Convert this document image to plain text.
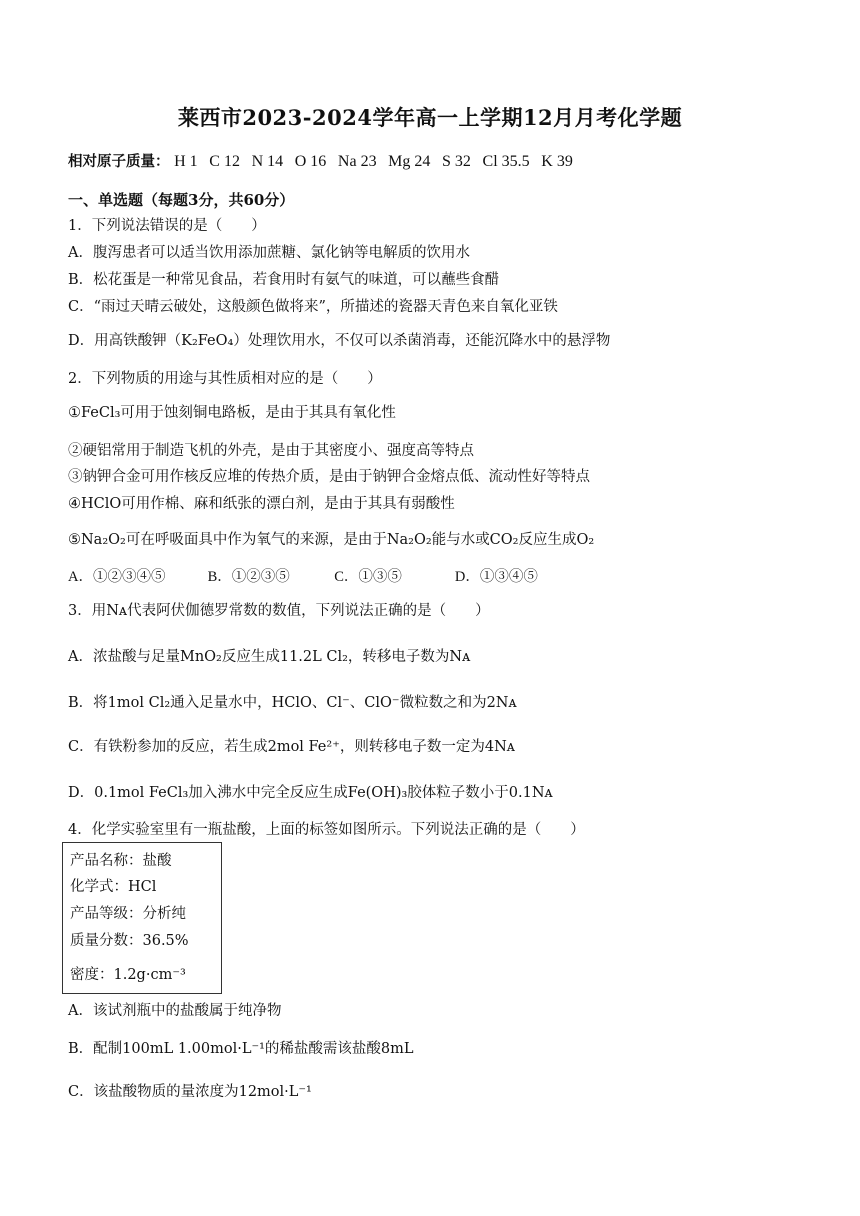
莱西市2023-2024学年高一上学期12月月考化学题
相对原子质量： H 1 C 12 N 14 O 16 Na 23 Mg 24 S 32 Cl 35.5 K 39
一、单选题（每题3分，共60分）
1．下列说法错误的是（　　）
A．腹泻患者可以适当饮用添加蔗糖、氯化钠等电解质的饮用水
B．松花蛋是一种常见食品，若食用时有氨气的味道，可以蘸些食醋
C．“雨过天晴云破处，这般颜色做将来”，所描述的瓷器天青色来自氧化亚铁
D．用高铁酸钾（K₂FeO₄）处理饮用水，不仅可以杀菌消毒，还能沉降水中的悬浮物
2．下列物质的用途与其性质相对应的是（　　）
①FeCl₃可用于蚀刻铜电路板，是由于其具有氧化性
②硬铝常用于制造飞机的外壳，是由于其密度小、强度高等特点
③钠钾合金可用作核反应堆的传热介质，是由于钠钾合金熔点低、流动性好等特点
④HClO可用作棉、麻和纸张的漂白剂，是由于其具有弱酸性
⑤Na₂O₂可在呼吸面具中作为氧气的来源，是由于Na₂O₂能与水或CO₂反应生成O₂
A．①②③④⑤	B．①②③⑤	C．①③⑤	D．①③④⑤
3．用Nᴀ代表阿伏伽德罗常数的数值，下列说法正确的是（　　）
A．浓盐酸与足量MnO₂反应生成11.2L Cl₂，转移电子数为Nᴀ
B．将1mol Cl₂通入足量水中，HClO、Cl⁻、ClO⁻微粒数之和为2Nᴀ
C．有铁粉参加的反应，若生成2mol Fe²⁺，则转移电子数一定为4Nᴀ
D．0.1mol FeCl₃加入沸水中完全反应生成Fe(OH)₃胶体粒子数小于0.1Nᴀ
4．化学实验室里有一瓶盐酸，上面的标签如图所示。下列说法正确的是（　　）
产品名称：盐酸
化学式：HCl
产品等级：分析纯
质量分数：36.5%
密度：1.2g·cm⁻³
A．该试剂瓶中的盐酸属于纯净物
B．配制100mL 1.00mol·L⁻¹的稀盐酸需该盐酸8mL
C．该盐酸物质的量浓度为12mol·L⁻¹
